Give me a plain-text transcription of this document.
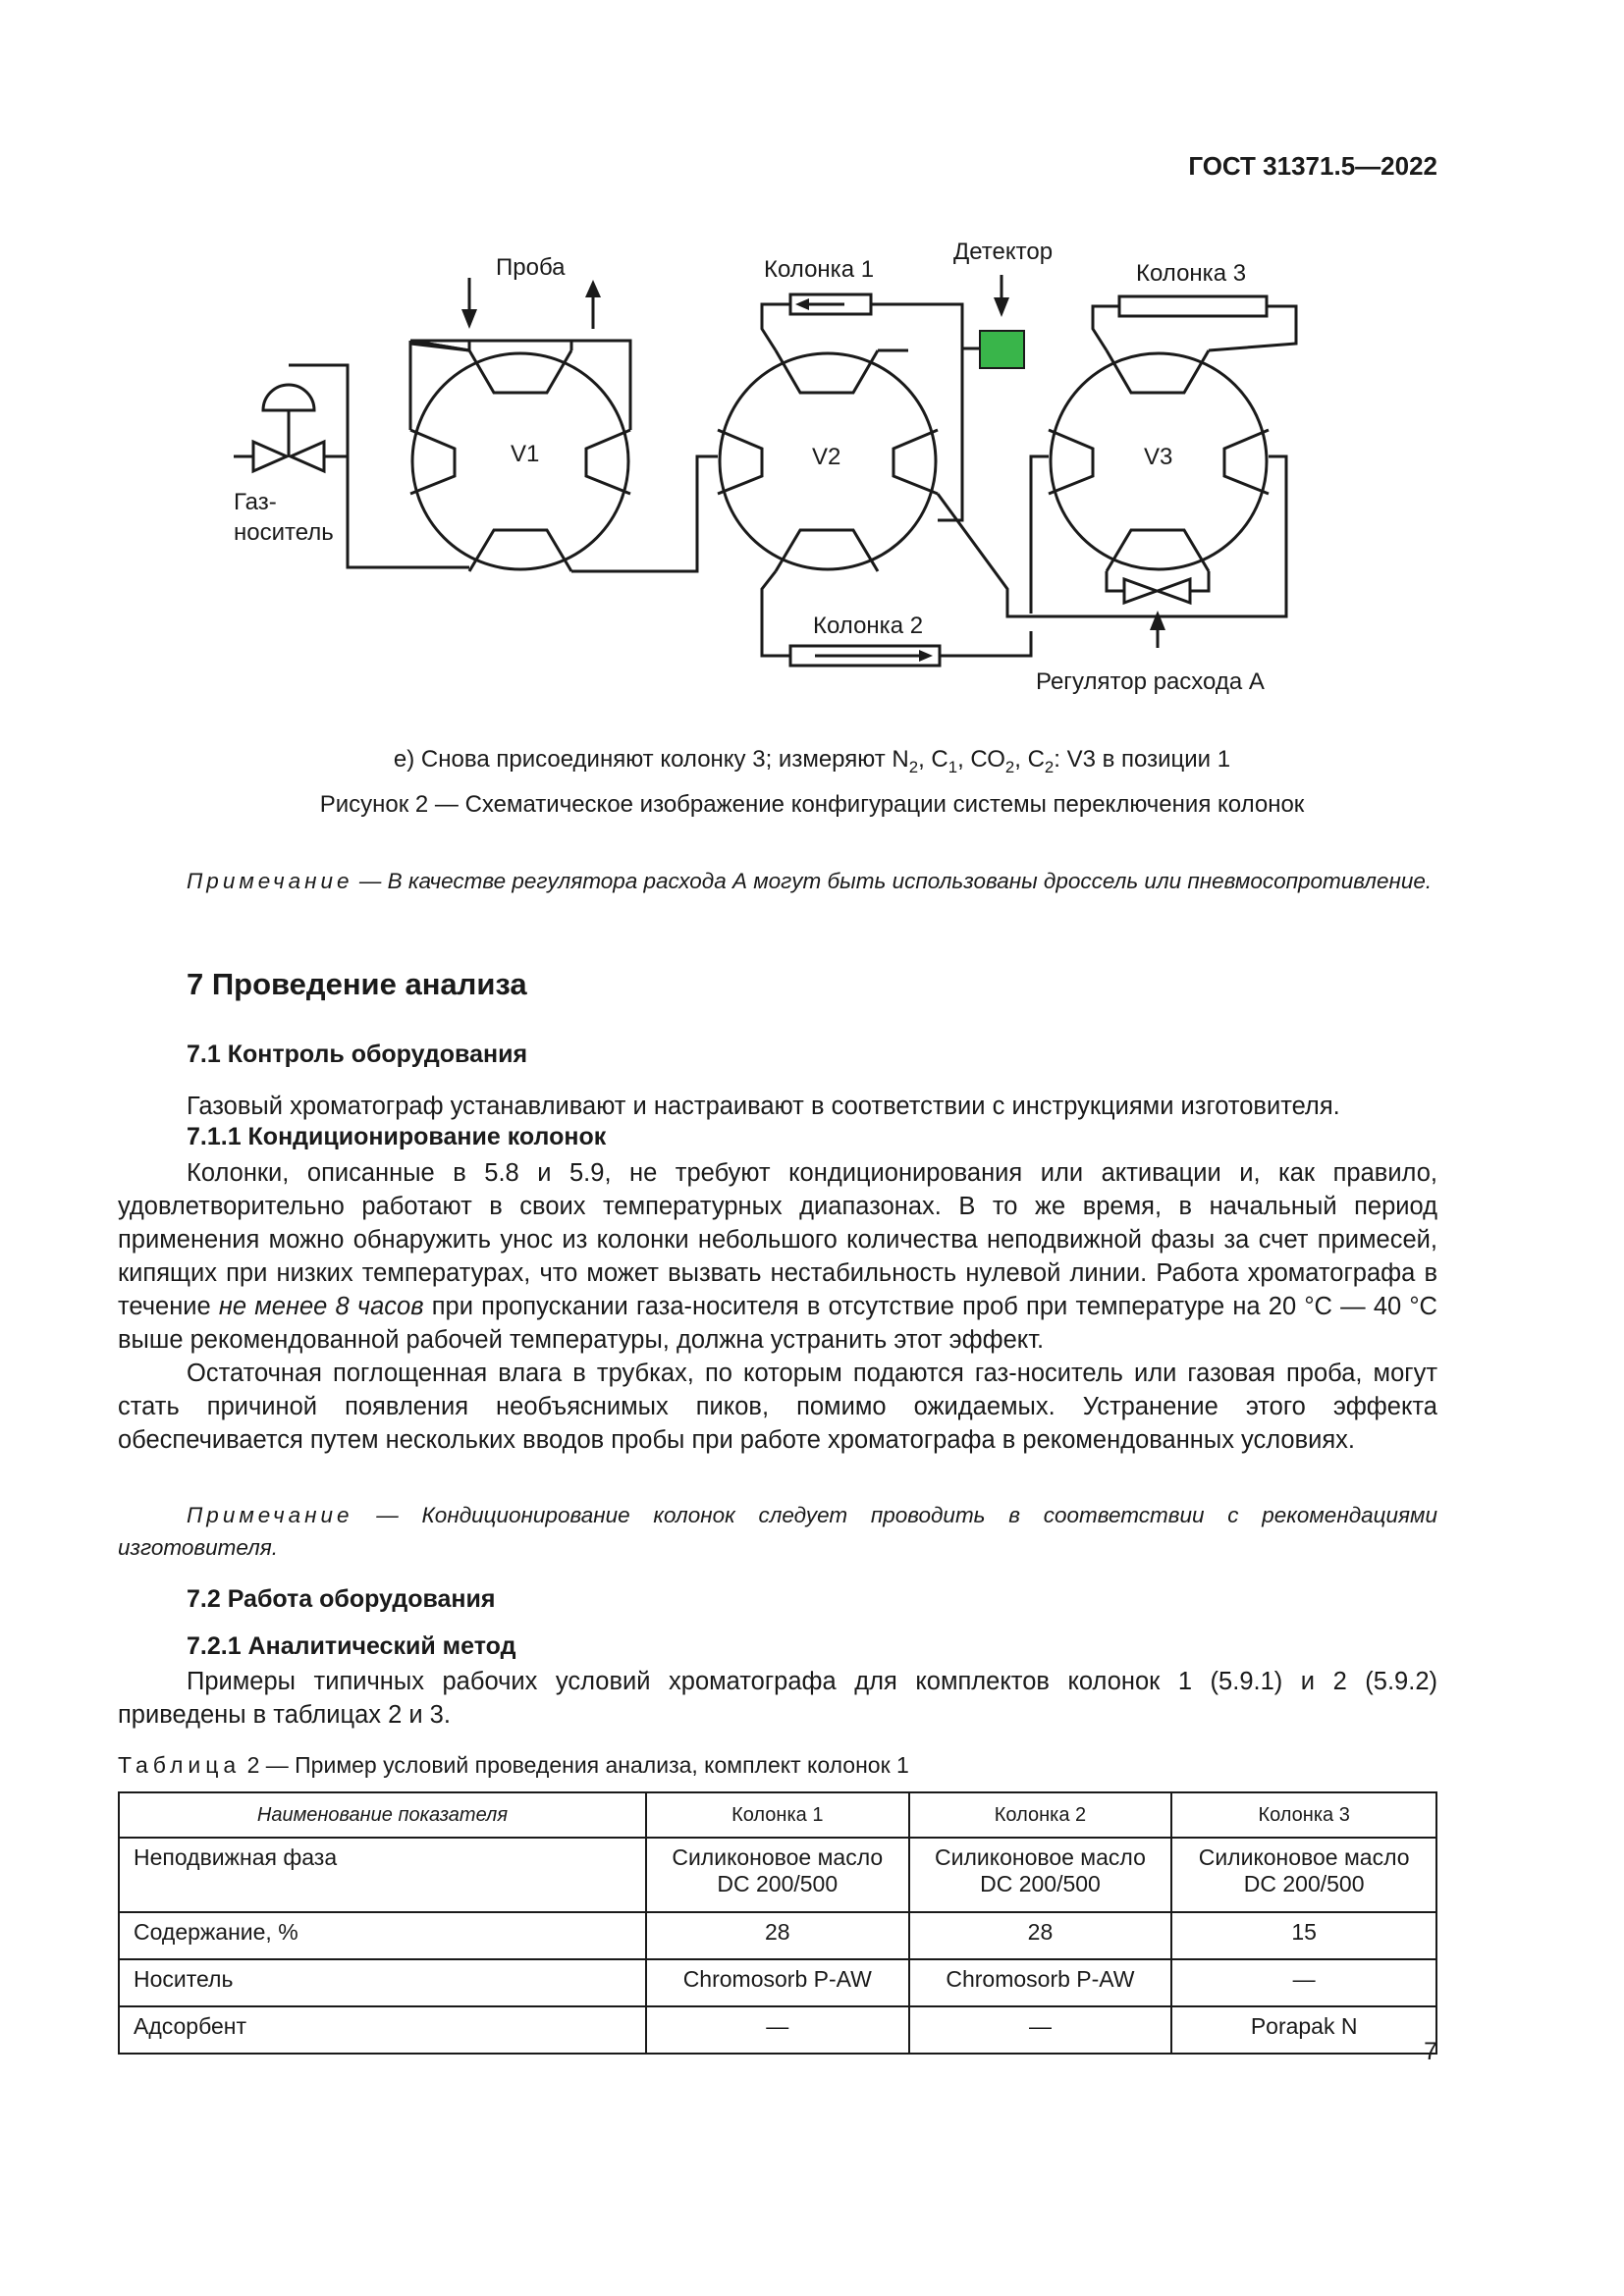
ГОСТ 31371.5—2022
Проба	Колонка 1
Детектор
Колонка 3
V1	V2	V3
Газ-
носитель
Колонка 2
Регулятор расхода А
е) Снова присоединяют колонку 3; измеряют $N_2$, $С_1$, $СО_2$, $С_2$: V3 в позиции 1
Рисунок 2 — Схематическое изображение конфигурации системы переключения колонок
Примечание — В качестве регулятора расхода А могут быть использованы дроссель или пневмосопротивление.
7 Проведение анализа
7.1 Контроль оборудования

Газовый хроматограф устанавливают и настраивают в соответствии с инструкциями изготовителя.

7.1.1 Кондиционирование колонок

Колонки, описанные в 5.8 и 5.9, не требуют кондиционирования или активации и, как правило, удовлетворительно работают в своих температурных диапазонах. В то же время, в начальный период применения можно обнаружить унос из колонки небольшого количества неподвижной фазы за счет примесей, кипящих при низких температурах, что может вызвать нестабильность нулевой линии. Работа хроматографа в течение не менее 8 часов при пропускании газа-носителя в отсутствие проб при температуре на 20 °С — 40 °С выше рекомендованной рабочей температуры, должна устранить этот эффект.

Остаточная поглощенная влага в трубках, по которым подаются газ-носитель или газовая проба, могут стать причиной появления необъяснимых пиков, помимо ожидаемых. Устранение этого эффекта обеспечивается путем нескольких вводов пробы при работе хроматографа в рекомендованных условиях.

Примечание — Кондиционирование колонок следует проводить в соответствии с рекомендациями изготовителя.
7.2 Работа оборудования
7.2.1 Аналитический метод

Примеры типичных рабочих условий хроматографа для комплектов колонок 1 (5.9.1) и 2 (5.9.2) приведены в таблицах 2 и 3.

Таблица 2 — Пример условий проведения анализа, комплект колонок 1
Наименование показателя	Колонка 1	Колонка 2	Колонка 3
Неподвижная фаза	Силиконовое масло DC 200/500	Силиконовое масло DC 200/500	Силиконовое масло DC 200/500
Содержание, %	28	28	15
Носитель	Chromosorb P-AW	Chromosorb P-AW	—
Адсорбент	—	—	Porapak N
7
